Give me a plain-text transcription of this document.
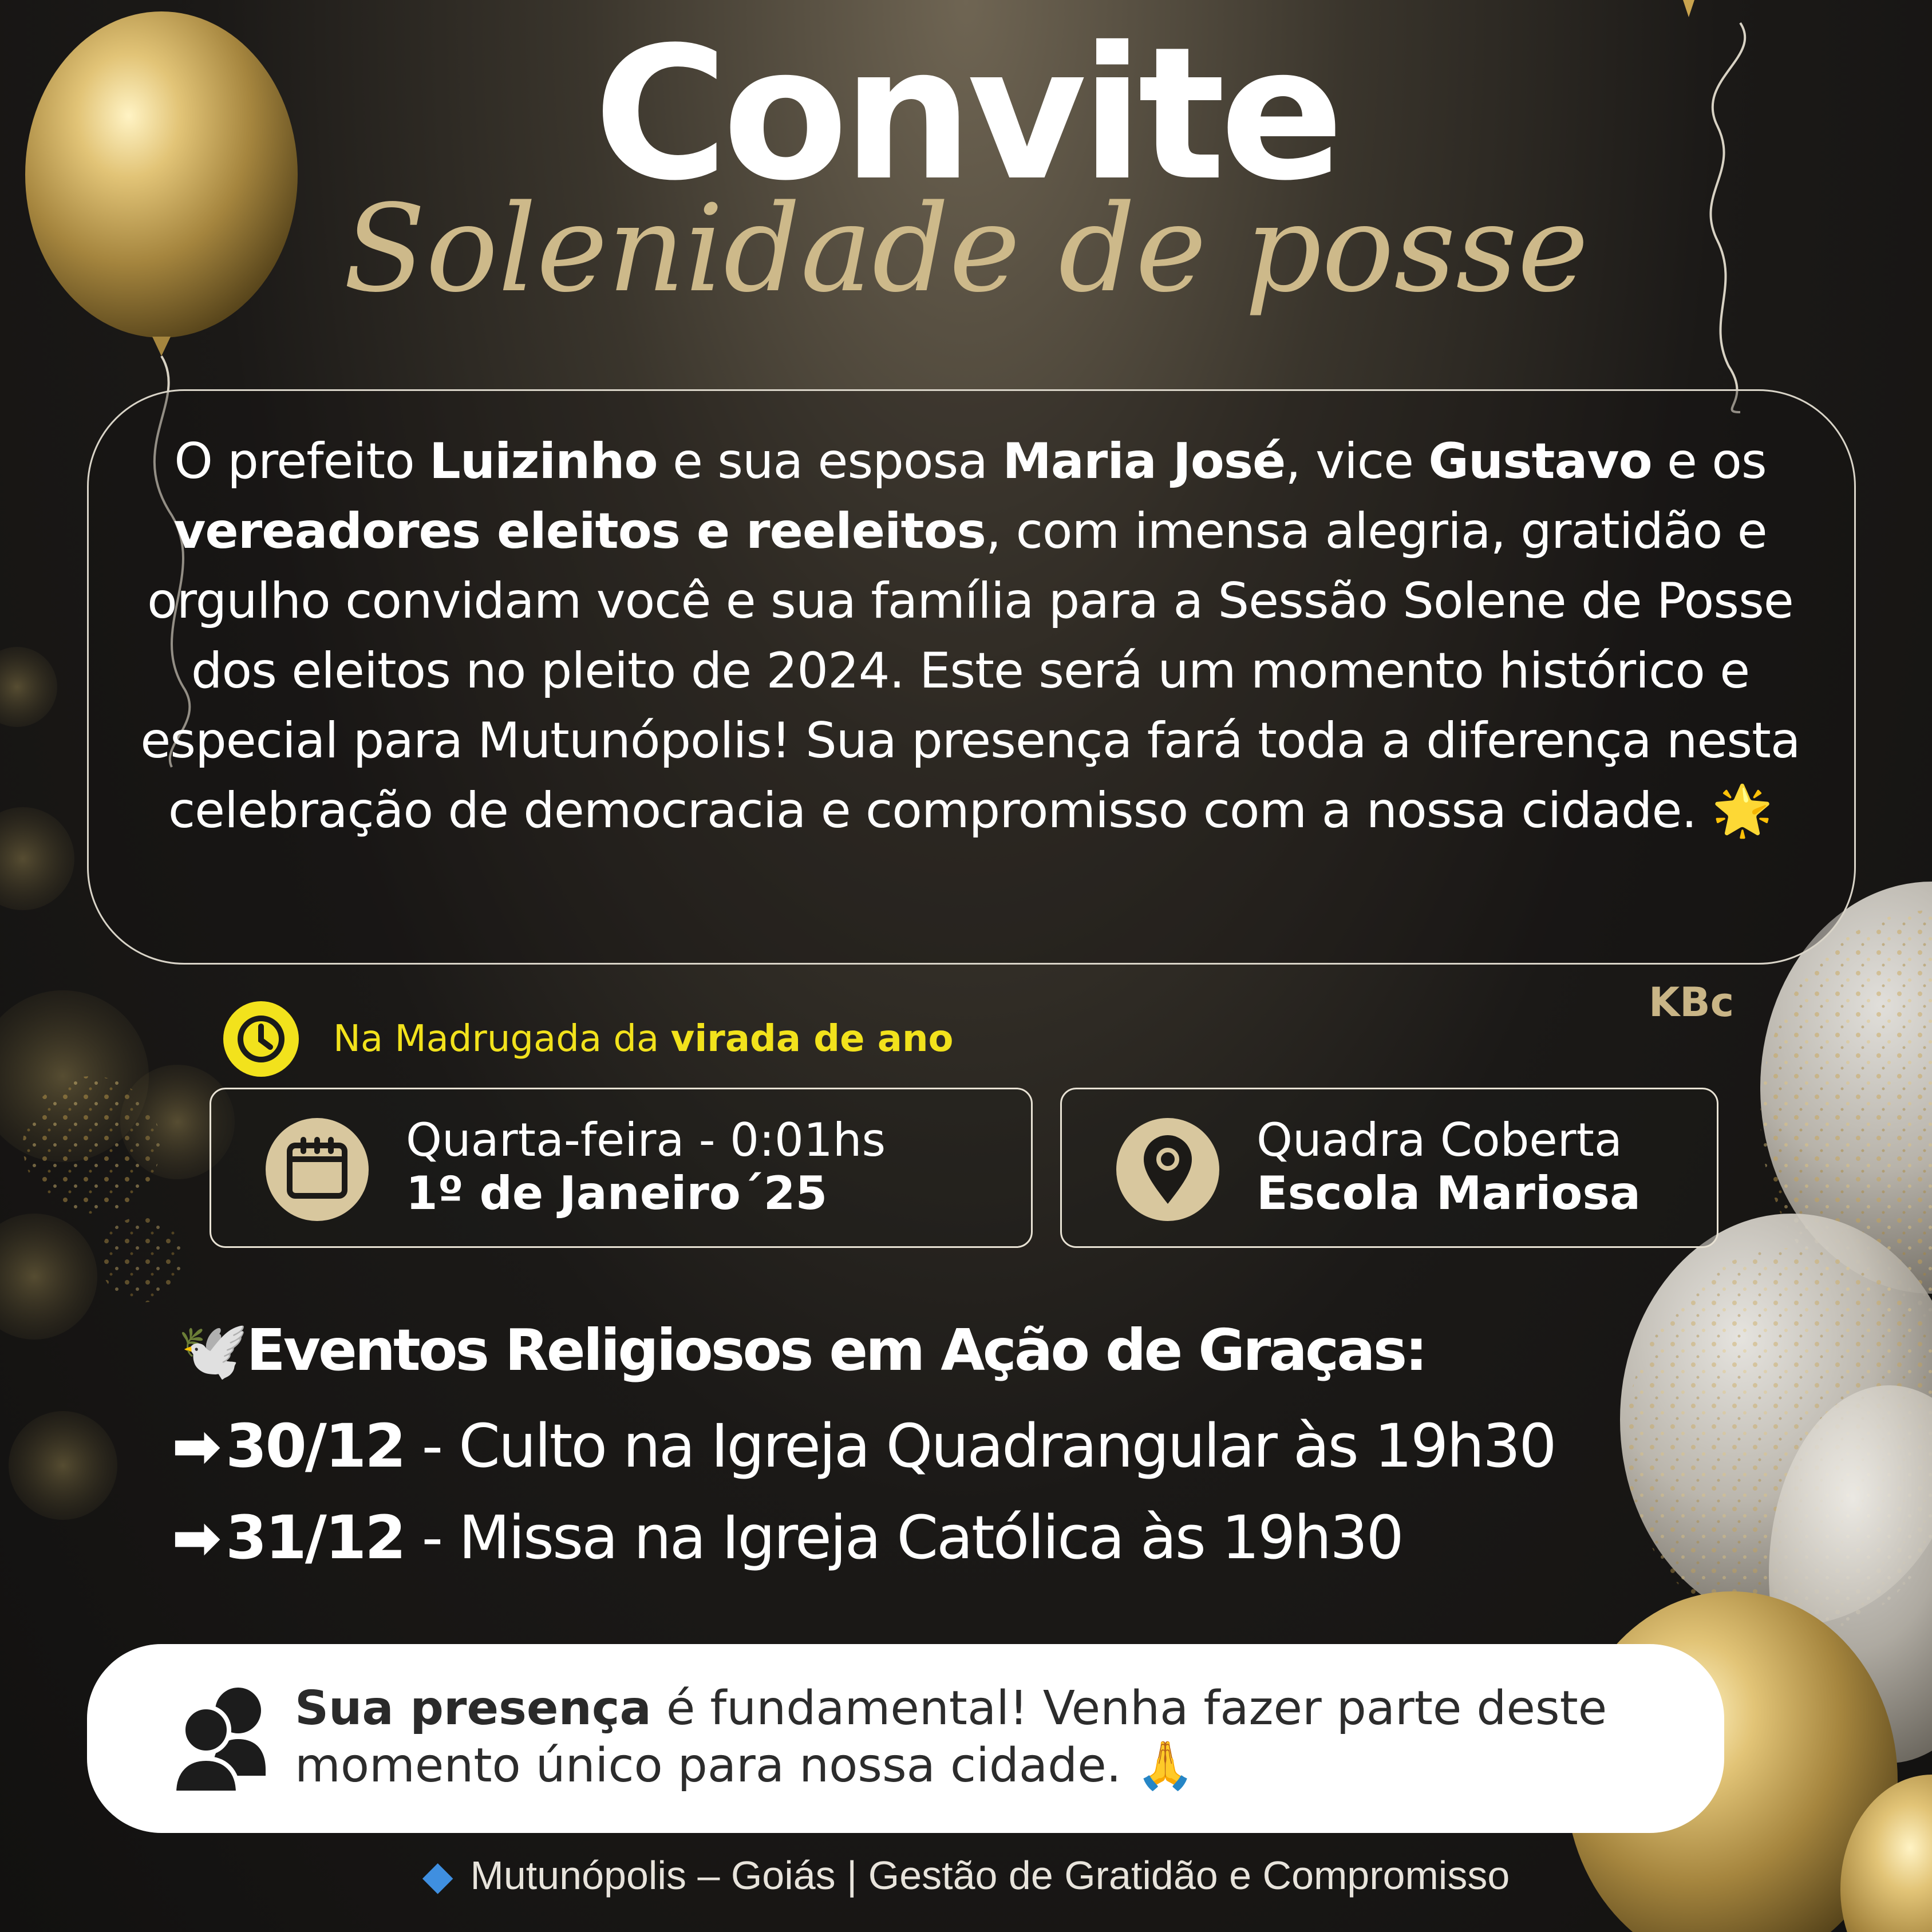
Convite
Solenidade de posse
O prefeito Luizinho e sua esposa Maria José, vice Gustavo e os vereadores eleitos e reeleitos, com imensa alegria, gratidão e orgulho convidam você e sua família para a Sessão Solene de Posse dos eleitos no pleito de 2024. Este será um momento histórico e especial para Mutunópolis! Sua presença fará toda a diferença nesta celebração de democracia e compromisso com a nossa cidade. 🌟
Na Madrugada da virada de ano
KBc
Quarta-feira - 0:01hs
1º de Janeiro´25
Quadra Coberta
Escola Mariosa
🕊️Eventos Religiosos em Ação de Graças:
➡30/12 - Culto na Igreja Quadrangular às 19h30
➡31/12 - Missa na Igreja Católica às 19h30
Sua presença é fundamental! Venha fazer parte deste momento único para nossa cidade. 🙏
◆ Mutunópolis – Goiás | Gestão de Gratidão e Compromisso
